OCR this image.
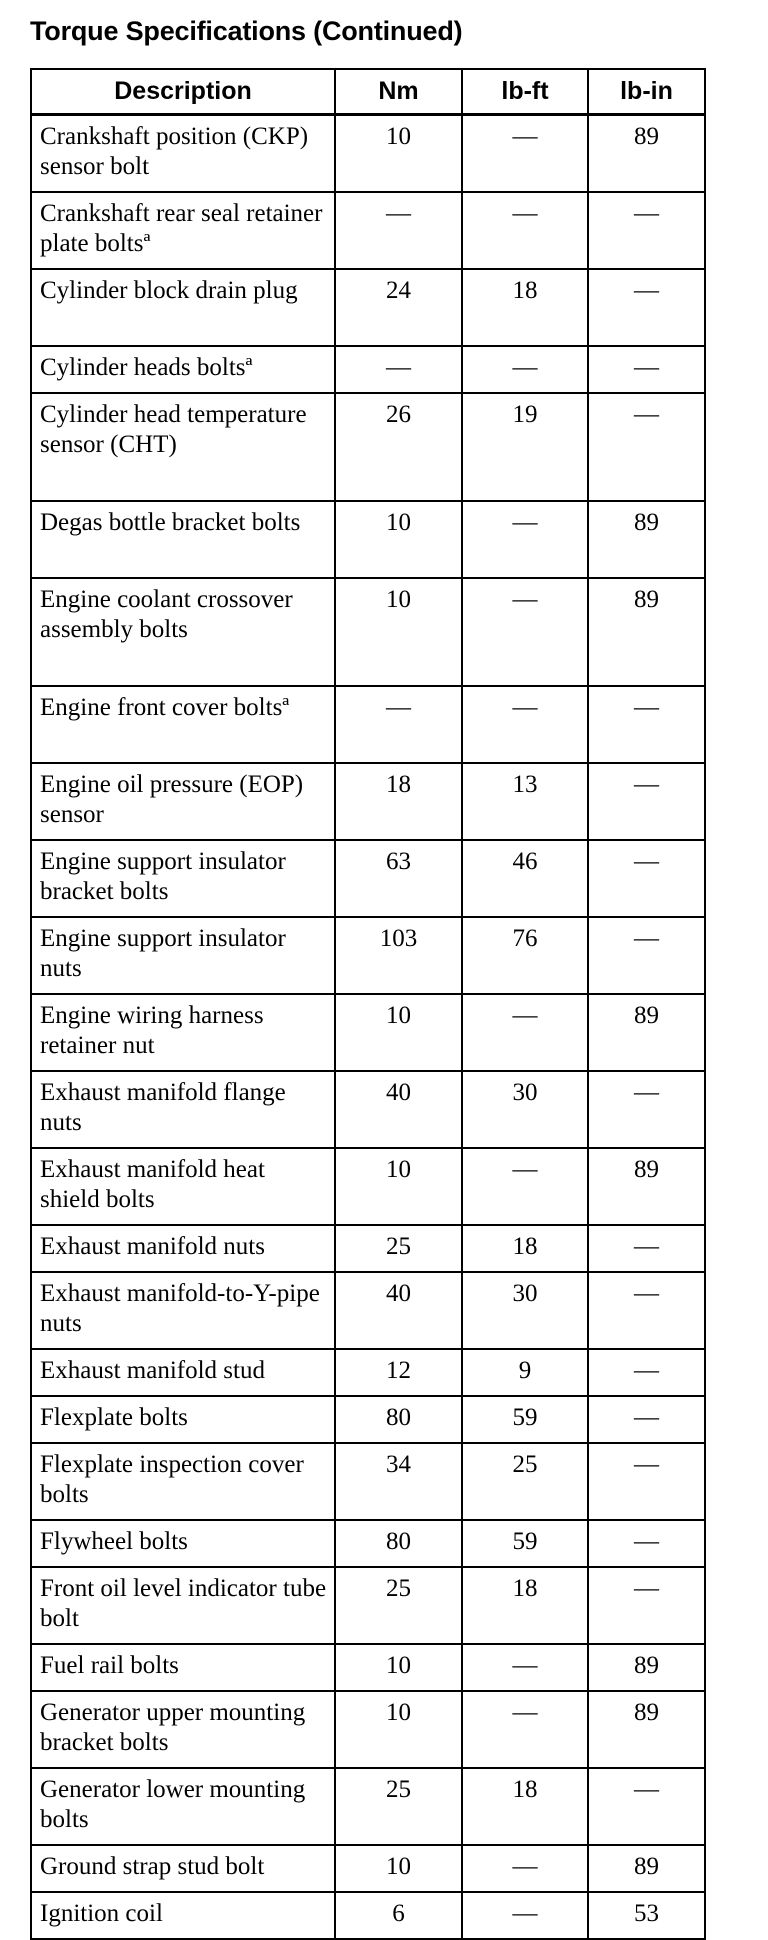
Torque Specifications (Continued)
Description	Nm	lb-ft	lb-in
Crankshaft position (CKP) sensor bolt	10	—	89
Crankshaft rear seal retainer plate boltsª	—	—	—
Cylinder block drain plug	24	18	—
Cylinder heads boltsª	—	—	—
Cylinder head temperature sensor (CHT)	26	19	—
Degas bottle bracket bolts	10	—	89
Engine coolant crossover assembly bolts	10	—	89
Engine front cover boltsª	—	—	—
Engine oil pressure (EOP) sensor	18	13	—
Engine support insulator bracket bolts	63	46	—
Engine support insulator nuts	103	76	—
Engine wiring harness retainer nut	10	—	89
Exhaust manifold flange nuts	40	30	—
Exhaust manifold heat shield bolts	10	—	89
Exhaust manifold nuts	25	18	—
Exhaust manifold-to-Y-pipe nuts	40	30	—
Exhaust manifold stud	12	9	—
Flexplate bolts	80	59	—
Flexplate inspection cover bolts	34	25	—
Flywheel bolts	80	59	—
Front oil level indicator tube bolt	25	18	—
Fuel rail bolts	10	—	89
Generator upper mounting bracket bolts	10	—	89
Generator lower mounting bolts	25	18	—
Ground strap stud bolt	10	—	89
Ignition coil	6	—	53
